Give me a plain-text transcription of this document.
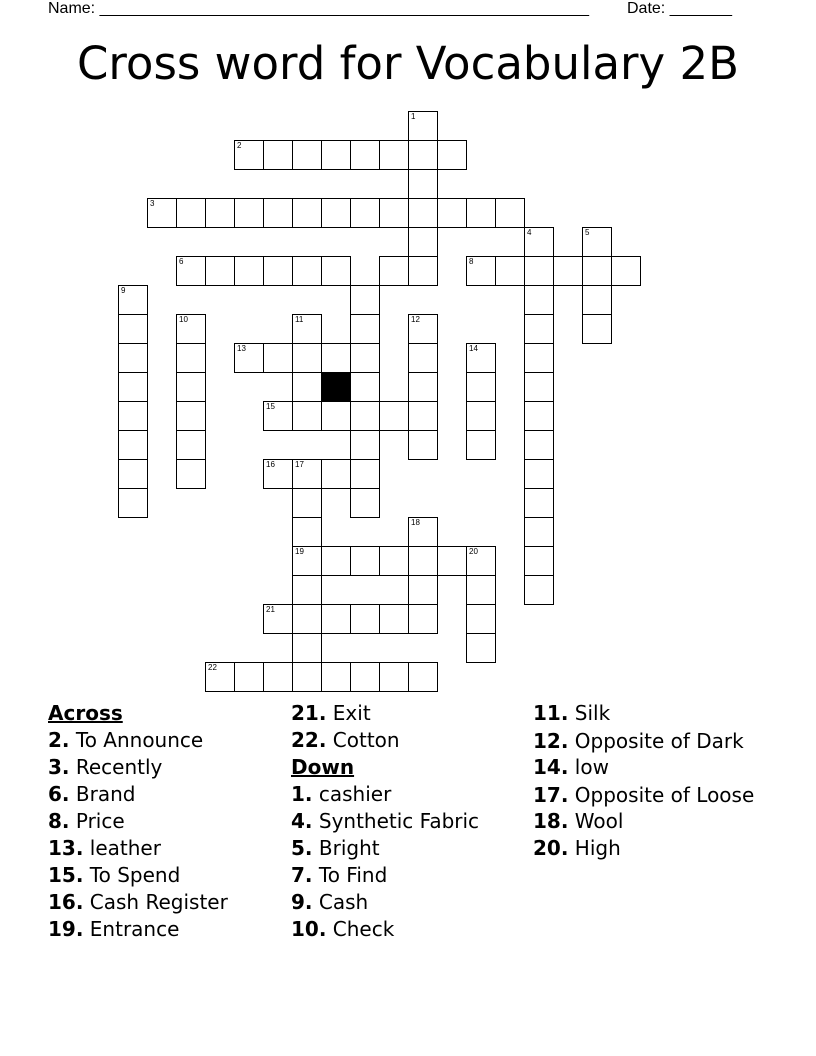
Name: _______________________________________________________ Date: _______
Cross word for Vocabulary 2B
1
2
3
4	5
6	8
9
10	11	12
13	14
15
16	17
18
19	20
21
22
Across
2. To Announce
3. Recently
6. Brand
8. Price
13. leather
15. To Spend
16. Cash Register
19. Entrance
21. Exit
22. Cotton
Down
1. cashier
4. Synthetic Fabric
5. Bright
7. To Find
9. Cash
10. Check
11. Silk
12. Opposite of Dark
14. low
17. Opposite of Loose
18. Wool
20. High
